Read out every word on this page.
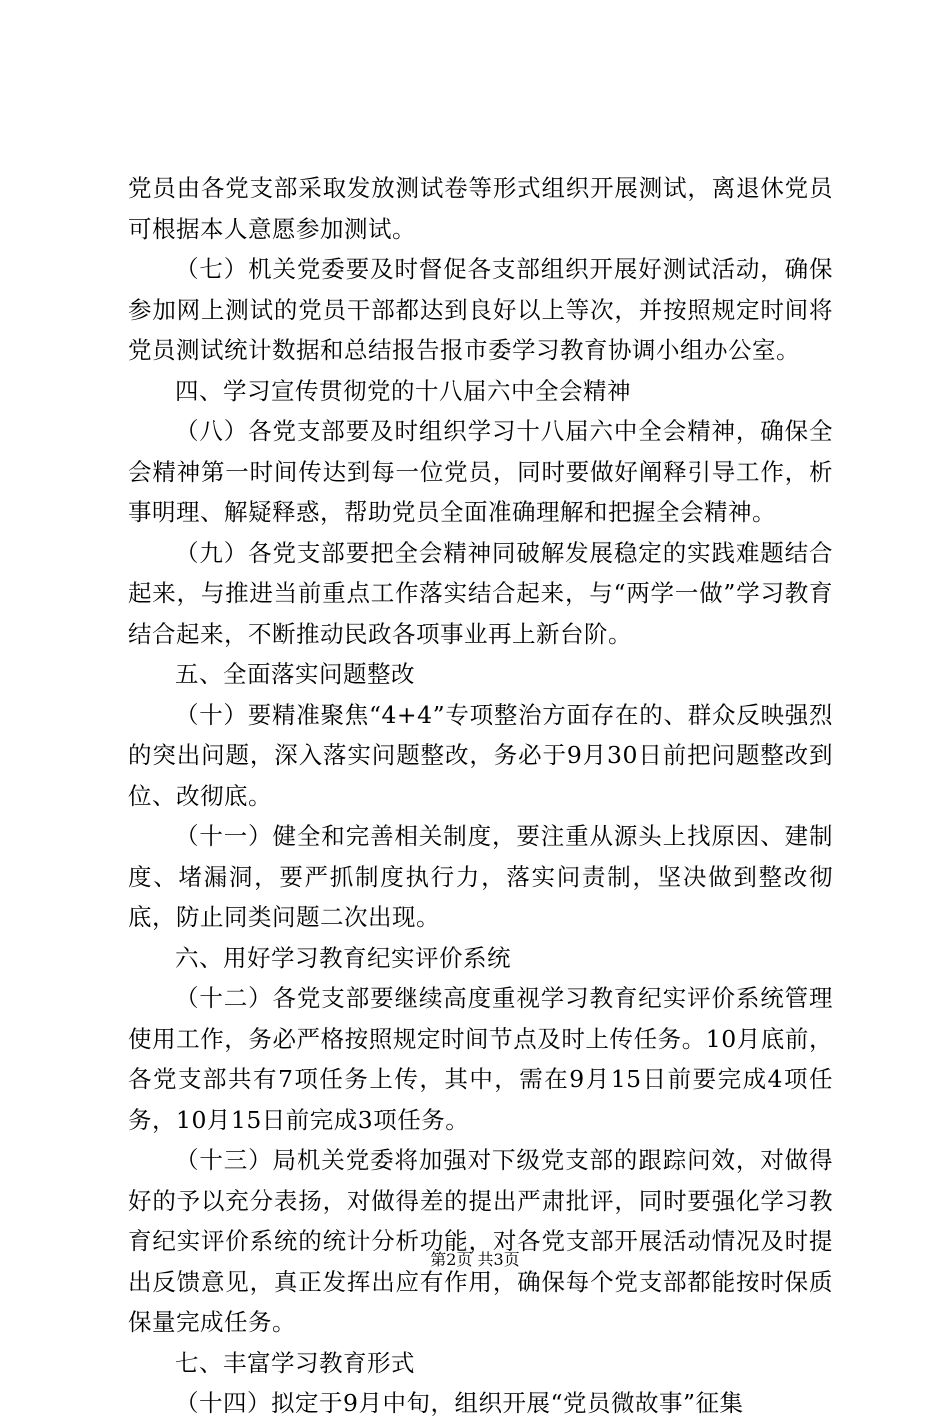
党员由各党支部采取发放测试卷等形式组织开展测试，离退休党员可根据本人意愿参加测试。

（七）机关党委要及时督促各支部组织开展好测试活动，确保参加网上测试的党员干部都达到良好以上等次，并按照规定时间将党员测试统计数据和总结报告报市委学习教育协调小组办公室。

四、学习宣传贯彻党的十八届六中全会精神

（八）各党支部要及时组织学习十八届六中全会精神，确保全会精神第一时间传达到每一位党员，同时要做好阐释引导工作，析事明理、解疑释惑，帮助党员全面准确理解和把握全会精神。

（九）各党支部要把全会精神同破解发展稳定的实践难题结合起来，与推进当前重点工作落实结合起来，与“两学一做”学习教育结合起来，不断推动民政各项事业再上新台阶。

五、全面落实问题整改

（十）要精准聚焦“4+4”专项整治方面存在的、群众反映强烈的突出问题，深入落实问题整改，务必于9月30日前把问题整改到位、改彻底。

（十一）健全和完善相关制度，要注重从源头上找原因、建制度、堵漏洞，要严抓制度执行力，落实问责制，坚决做到整改彻底，防止同类问题二次出现。

六、用好学习教育纪实评价系统

（十二）各党支部要继续高度重视学习教育纪实评价系统管理使用工作，务必严格按照规定时间节点及时上传任务。10月底前，各党支部共有7项任务上传，其中，需在9月15日前要完成4项任务，10月15日前完成3项任务。

（十三）局机关党委将加强对下级党支部的跟踪问效，对做得好的予以充分表扬，对做得差的提出严肃批评，同时要强化学习教育纪实评价系统的统计分析功能，对各党支部开展活动情况及时提出反馈意见，真正发挥出应有作用，确保每个党支部都能按时保质保量完成任务。

七、丰富学习教育形式

（十四）拟定于9月中旬，组织开展“党员微故事”征集

第2页 共3页
